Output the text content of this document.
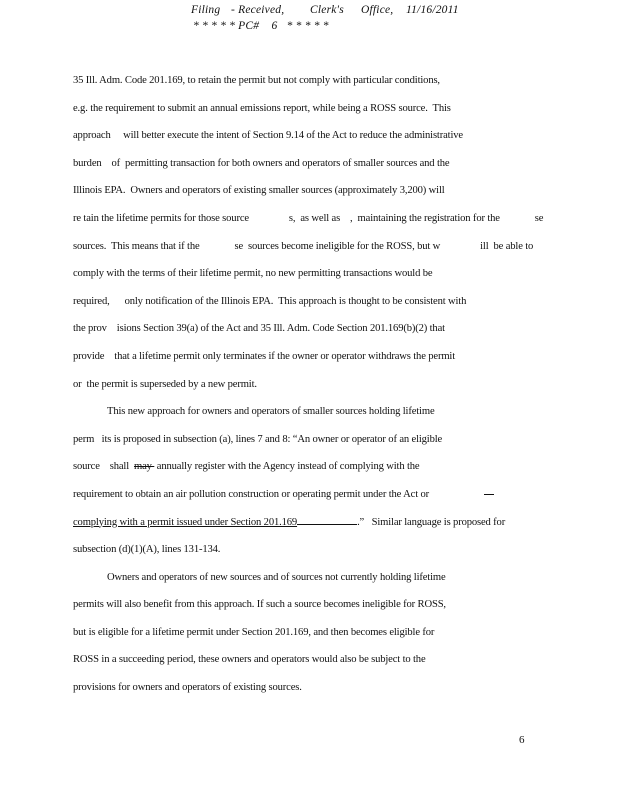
Filing - Received, Clerk's Office, 11/16/2011
* * * * * PC#    6   * * * * *
35 Ill. Adm. Code 201.169, to retain the permit but not comply with particular conditions,
e.g. the requirement to submit an annual emissions report, while being a ROSS source.  This
approach     will better execute the intent of Section 9.14 of the Act to reduce the administrative
burden    of  permitting transaction for both owners and operators of smaller sources and the
Illinois EPA.  Owners and operators of existing smaller sources (approximately 3,200) will
re tain the lifetime permits for those source                s,  as well as    ,  maintaining the registration for the              se
sources.  This means that if the              se  sources become ineligible for the ROSS, but w                ill  be able to
comply with the terms of their lifetime permit, no new permitting transactions would be
required,      only notification of the Illinois EPA.  This approach is thought to be consistent with
the prov    isions Section 39(a) of the Act and 35 Ill. Adm. Code Section 201.169(b)(2) that
provide    that a lifetime permit only terminates if the owner or operator withdraws the permit
or  the permit is superseded by a new permit.
This new approach for owners and operators of smaller sources holding lifetime
perm   its is proposed in subsection (a), lines 7 and 8: “An owner or operator of an eligible
source    shall  may  annually register with the Agency instead of complying with the
requirement to obtain an air pollution construction or operating permit under the Act or
complying with a permit issued under Section 201.169	.”   Similar language is proposed for
subsection (d)(1)(A), lines 131-134.
Owners and operators of new sources and of sources not currently holding lifetime
permits will also benefit from this approach. If such a source becomes ineligible for ROSS,
but is eligible for a lifetime permit under Section 201.169, and then becomes eligible for
ROSS in a succeeding period, these owners and operators would also be subject to the
provisions for owners and operators of existing sources.
6
